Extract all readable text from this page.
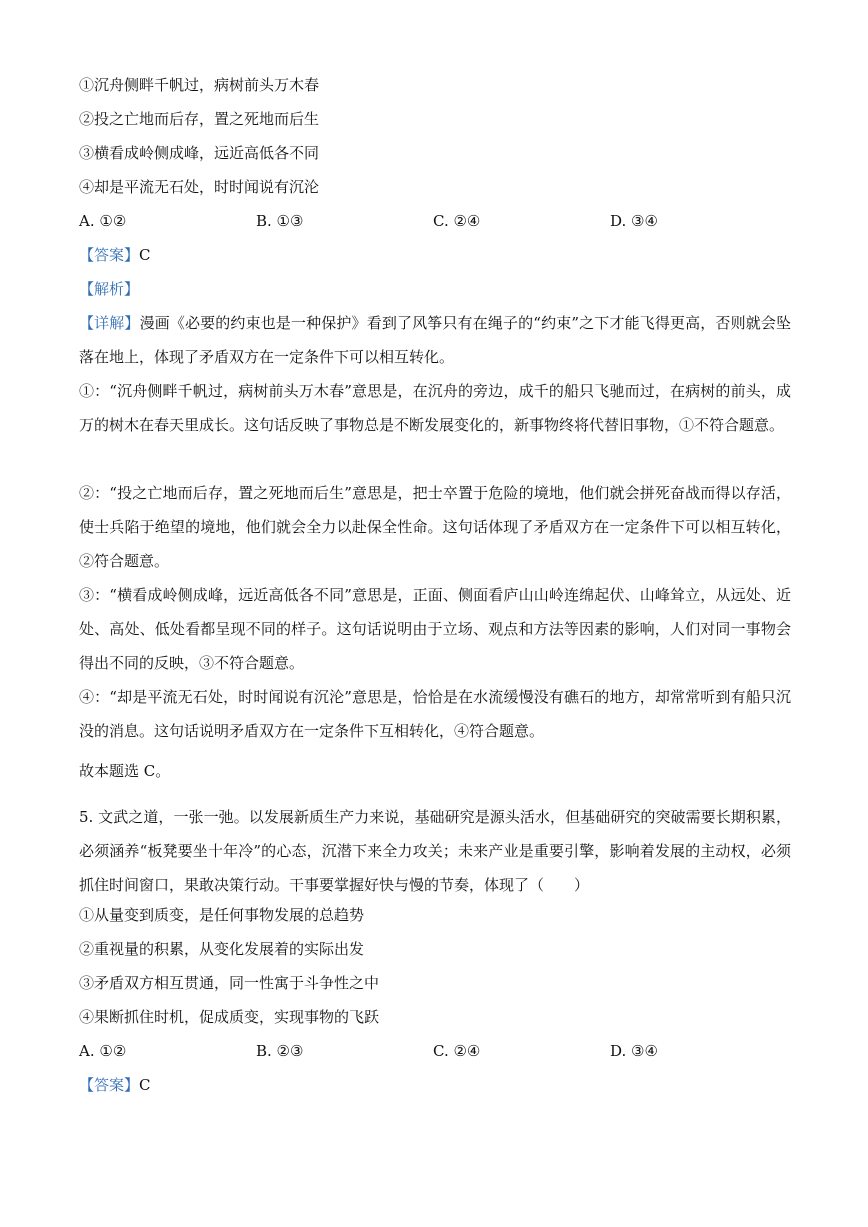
①沉舟侧畔千帆过，病树前头万木春
②投之亡地而后存，置之死地而后生
③横看成岭侧成峰，远近高低各不同
④却是平流无石处，时时闻说有沉沦
A. ①②	B. ①③	C. ②④	D. ③④
【答案】C
【解析】
【详解】漫画《必要的约束也是一种保护》看到了风筝只有在绳子的“约束”之下才能飞得更高，否则就会坠落在地上，体现了矛盾双方在一定条件下可以相互转化。
①：“沉舟侧畔千帆过，病树前头万木春”意思是，在沉舟的旁边，成千的船只飞驰而过，在病树的前头，成万的树木在春天里成长。这句话反映了事物总是不断发展变化的，新事物终将代替旧事物，①不符合题意。
②：“投之亡地而后存，置之死地而后生”意思是，把士卒置于危险的境地，他们就会拼死奋战而得以存活，使士兵陷于绝望的境地，他们就会全力以赴保全性命。这句话体现了矛盾双方在一定条件下可以相互转化，②符合题意。
③：“横看成岭侧成峰，远近高低各不同”意思是，正面、侧面看庐山山岭连绵起伏、山峰耸立，从远处、近处、高处、低处看都呈现不同的样子。这句话说明由于立场、观点和方法等因素的影响，人们对同一事物会得出不同的反映，③不符合题意。
④：“却是平流无石处，时时闻说有沉沦”意思是，恰恰是在水流缓慢没有礁石的地方，却常常听到有船只沉没的消息。这句话说明矛盾双方在一定条件下互相转化，④符合题意。
故本题选 C。
5. 文武之道，一张一弛。以发展新质生产力来说，基础研究是源头活水，但基础研究的突破需要长期积累，必须涵养“板凳要坐十年冷”的心态，沉潜下来全力攻关；未来产业是重要引擎，影响着发展的主动权，必须抓住时间窗口，果敢决策行动。干事要掌握好快与慢的节奏，体现了（　　）
①从量变到质变，是任何事物发展的总趋势
②重视量的积累，从变化发展着的实际出发
③矛盾双方相互贯通，同一性寓于斗争性之中
④果断抓住时机，促成质变，实现事物的飞跃
A. ①②	B. ②③	C. ②④	D. ③④
【答案】C
